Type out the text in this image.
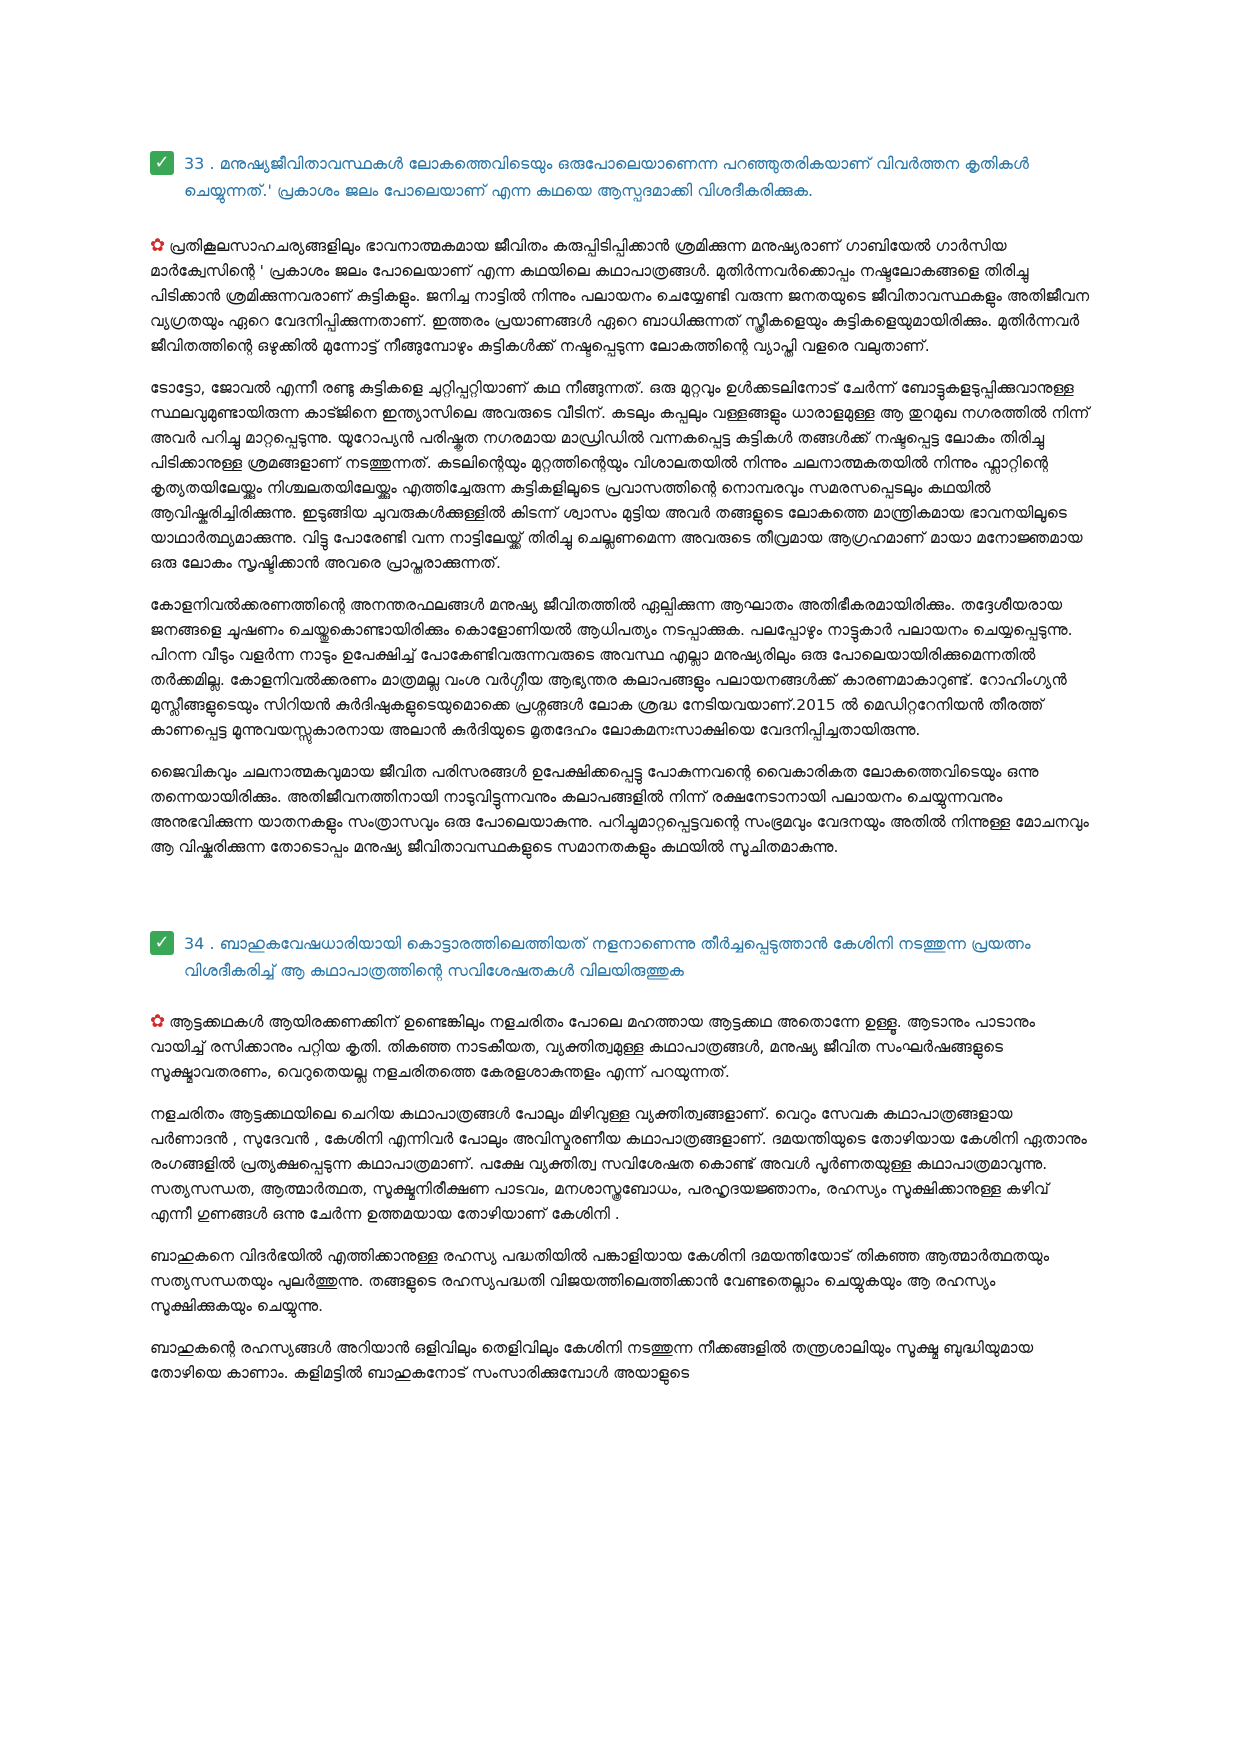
✓ 33 . മനുഷ്യജീവിതാവസ്ഥകൾ ലോകത്തെവിടെയും ഒരുപോലെയാണെന്ന പറഞ്ഞുതരികയാണ് വിവർത്തന കൃതികൾ ചെയ്യുന്നത്.' പ്രകാശം ജലം പോലെയാണ് എന്ന കഥയെ ആസ്പദമാക്കി വിശദീകരിക്കുക.

✿ പ്രതികൂലസാഹചര്യങ്ങളിലും ഭാവനാത്മകമായ ജീവിതം കരുപ്പിടിപ്പിക്കാൻ ശ്രമിക്കുന്ന മനുഷ്യരാണ് ഗാബിയേൽ ഗാർസിയ മാർക്വേസിന്റെ ' പ്രകാശം ജലം പോലെയാണ് എന്ന കഥയിലെ കഥാപാത്രങ്ങൾ. മുതിർന്നവർക്കൊപ്പം നഷ്ടലോകങ്ങളെ തിരിച്ചു പിടിക്കാൻ ശ്രമിക്കുന്നവരാണ് കുട്ടികളും. ജനിച്ച നാട്ടിൽ നിന്നും പലായനം ചെയ്യേണ്ടി വരുന്ന ജനതയുടെ ജീവിതാവസ്ഥകളും അതിജീവന വ്യഗ്രതയും ഏറെ വേദനിപ്പിക്കുന്നതാണ്. ഇത്തരം പ്രയാണങ്ങൾ ഏറെ ബാധിക്കുന്നത് സ്ത്രീകളെയും കുട്ടികളെയുമായിരിക്കും. മുതിർന്നവർ ജീവിതത്തിന്റെ ഒഴുക്കിൽ മുന്നോട്ട് നീങ്ങുമ്പോഴും കുട്ടികൾക്ക് നഷ്ടപ്പെടുന്ന ലോകത്തിന്റെ വ്യാപ്തി വളരെ വലുതാണ്.

ടോട്ടോ, ജോവൽ എന്നീ രണ്ടു കുട്ടികളെ ചുറ്റിപ്പറ്റിയാണ് കഥ നീങ്ങുന്നത്. ഒരു മുറ്റവും ഉൾക്കടലിനോട് ചേർന്ന് ബോട്ടുകളടുപ്പിക്കുവാനുള്ള സ്ഥലവുമുണ്ടായിരുന്ന കാട്ജിനെ ഇന്ത്യാസിലെ അവരുടെ വീടിന്. കടലും കപ്പലും വള്ളങ്ങളും ധാരാളമുള്ള ആ തുറമുഖ നഗരത്തിൽ നിന്ന് അവർ പറിച്ചു മാറ്റപ്പെടുന്നു. യൂറോപ്യൻ പരിഷ്കൃത നഗരമായ മാഡ്രിഡിൽ വന്നകപ്പെട്ട കുട്ടികൾ തങ്ങൾക്ക് നഷ്ടപ്പെട്ട ലോകം തിരിച്ചു പിടിക്കാനുള്ള ശ്രമങ്ങളാണ് നടത്തുന്നത്. കടലിന്റെയും മുറ്റത്തിന്റെയും വിശാലതയിൽ നിന്നും ചലനാത്മകതയിൽ നിന്നും ഫ്ലാറ്റിന്റെ കൃത്യതയിലേയ്ക്കും നിശ്ചലതയിലേയ്ക്കും എത്തിച്ചേരുന്ന കുട്ടികളിലൂടെ പ്രവാസത്തിന്റെ നൊമ്പരവും സമരസപ്പെടലും കഥയിൽ ആവിഷ്കരിച്ചിരിക്കുന്നു. ഇടുങ്ങിയ ചുവരുകൾക്കുള്ളിൽ കിടന്ന് ശ്വാസം മുട്ടിയ അവർ തങ്ങളുടെ ലോകത്തെ മാന്ത്രികമായ ഭാവനയിലൂടെ യാഥാർത്ഥ്യമാക്കുന്നു. വിട്ടു പോരേണ്ടി വന്ന നാട്ടിലേയ്ക്ക് തിരിച്ചു ചെല്ലണമെന്ന അവരുടെ തീവ്രമായ ആഗ്രഹമാണ് മായാ മനോജ്ഞമായ ഒരു ലോകം സൃഷ്ടിക്കാൻ അവരെ പ്രാപ്തരാക്കുന്നത്.

കോളനിവൽക്കരണത്തിന്റെ അനന്തരഫലങ്ങൾ മനുഷ്യ ജീവിതത്തിൽ ഏല്പിക്കുന്ന ആഘാതം അതിഭീകരമായിരിക്കും. തദ്ദേശീയരായ ജനങ്ങളെ ചൂഷണം ചെയ്തുകൊണ്ടായിരിക്കും കൊളോണിയൽ ആധിപത്യം നടപ്പാക്കുക. പലപ്പോഴും നാട്ടുകാർ പലായനം ചെയ്യപ്പെടുന്നു. പിറന്ന വീടും വളർന്ന നാടും ഉപേക്ഷിച്ച് പോകേണ്ടിവരുന്നവരുടെ അവസ്ഥ എല്ലാ മനുഷ്യരിലും ഒരു പോലെയായിരിക്കുമെന്നതിൽ തർക്കമില്ല. കോളനിവൽക്കരണം മാത്രമല്ല വംശ വർഗ്ഗീയ ആഭ്യന്തര കലാപങ്ങളും പലായനങ്ങൾക്ക് കാരണമാകാറുണ്ട്. റോഹിംഗ്യൻ മുസ്ലീങ്ങളുടെയും സിറിയൻ കുർദിഷുകളുടെയുമൊക്കെ പ്രശ്നങ്ങൾ ലോക ശ്രദ്ധ നേടിയവയാണ്.2015 ൽ മെഡിറ്ററേനിയൻ തീരത്ത് കാണപ്പെട്ട മൂന്നുവയസ്സുകാരനായ അലാൻ കുർദിയുടെ മൃതദേഹം ലോകമനഃസാക്ഷിയെ വേദനിപ്പിച്ചതായിരുന്നു.

ജൈവികവും ചലനാത്മകവുമായ ജീവിത പരിസരങ്ങൾ ഉപേക്ഷിക്കപ്പെട്ടു പോകുന്നവന്റെ വൈകാരികത ലോകത്തെവിടെയും ഒന്നു തന്നെയായിരിക്കും. അതിജീവനത്തിനായി നാടുവിട്ടുന്നവനും കലാപങ്ങളിൽ നിന്ന് രക്ഷനേടാനായി പലായനം ചെയ്യുന്നവനും അനുഭവിക്കുന്ന യാതനകളും സംത്രാസവും ഒരു പോലെയാകുന്നു. പറിച്ചുമാറ്റപ്പെട്ടവന്റെ സംഭ്രമവും വേദനയും അതിൽ നിന്നുള്ള മോചനവും ആ വിഷ്കരിക്കുന്ന തോടൊപ്പം മനുഷ്യ ജീവിതാവസ്ഥകളുടെ സമാനതകളും കഥയിൽ സൂചിതമാകുന്നു.

✓ 34 . ബാഹുകവേഷധാരിയായി കൊട്ടാരത്തിലെത്തിയത് നളനാണെന്നു തീർച്ചപ്പെടുത്താൻ കേശിനി നടത്തുന്ന പ്രയത്നം വിശദീകരിച്ച് ആ കഥാപാത്രത്തിന്റെ സവിശേഷതകൾ വിലയിരുത്തുക

✿ ആട്ടക്കഥകൾ ആയിരക്കണക്കിന് ഉണ്ടെങ്കിലും നളചരിതം പോലെ മഹത്തായ ആട്ടക്കഥ അതൊന്നേ ഉള്ളൂ. ആടാനും പാടാനും വായിച്ച് രസിക്കാനും പറ്റിയ കൃതി. തികഞ്ഞ നാടകീയത, വ്യക്തിത്വമുള്ള കഥാപാത്രങ്ങൾ, മനുഷ്യ ജീവിത സംഘർഷങ്ങളുടെ സൂക്ഷ്മാവതരണം, വെറുതെയല്ല നളചരിതത്തെ കേരളശാകുന്തളം എന്ന് പറയുന്നത്.

നളചരിതം ആട്ടക്കഥയിലെ ചെറിയ കഥാപാത്രങ്ങൾ പോലും മിഴിവുള്ള വ്യക്തിത്വങ്ങളാണ്. വെറും സേവക കഥാപാത്രങ്ങളായ പർണാദൻ , സുദേവൻ , കേശിനി എന്നിവർ പോലും അവിസ്മരണീയ കഥാപാത്രങ്ങളാണ്. ദമയന്തിയുടെ തോഴിയായ കേശിനി ഏതാനും രംഗങ്ങളിൽ പ്രത്യക്ഷപ്പെടുന്ന കഥാപാത്രമാണ്. പക്ഷേ വ്യക്തിത്വ സവിശേഷത കൊണ്ട് അവൾ പൂർണതയുള്ള കഥാപാത്രമാവുന്നു. സത്യസന്ധത, ആത്മാർത്ഥത, സൂക്ഷ്മനിരീക്ഷണ പാടവം, മനശാസ്ത്രബോധം, പരഹൃദയജ്ഞാനം, രഹസ്യം സൂക്ഷിക്കാനുള്ള കഴിവ് എന്നീ ഗുണങ്ങൾ ഒന്നു ചേർന്ന ഉത്തമയായ തോഴിയാണ് കേശിനി .

ബാഹുകനെ വിദർഭയിൽ എത്തിക്കാനുള്ള രഹസ്യ പദ്ധതിയിൽ പങ്കാളിയായ കേശിനി ദമയന്തിയോട് തികഞ്ഞ ആത്മാർത്ഥതയും സത്യസന്ധതയും പുലർത്തുന്നു. തങ്ങളുടെ രഹസ്യപദ്ധതി വിജയത്തിലെത്തിക്കാൻ വേണ്ടതെല്ലാം ചെയ്യുകയും ആ രഹസ്യം സൂക്ഷിക്കുകയും ചെയ്യുന്നു.

ബാഹുകന്റെ രഹസ്യങ്ങൾ അറിയാൻ ഒളിവിലും തെളിവിലും കേശിനി നടത്തുന്ന നീക്കങ്ങളിൽ തന്ത്രശാലിയും സൂക്ഷ്മ ബുദ്ധിയുമായ തോഴിയെ കാണാം. കളിമട്ടിൽ ബാഹുകനോട് സംസാരിക്കുമ്പോൾ അയാളുടെ
